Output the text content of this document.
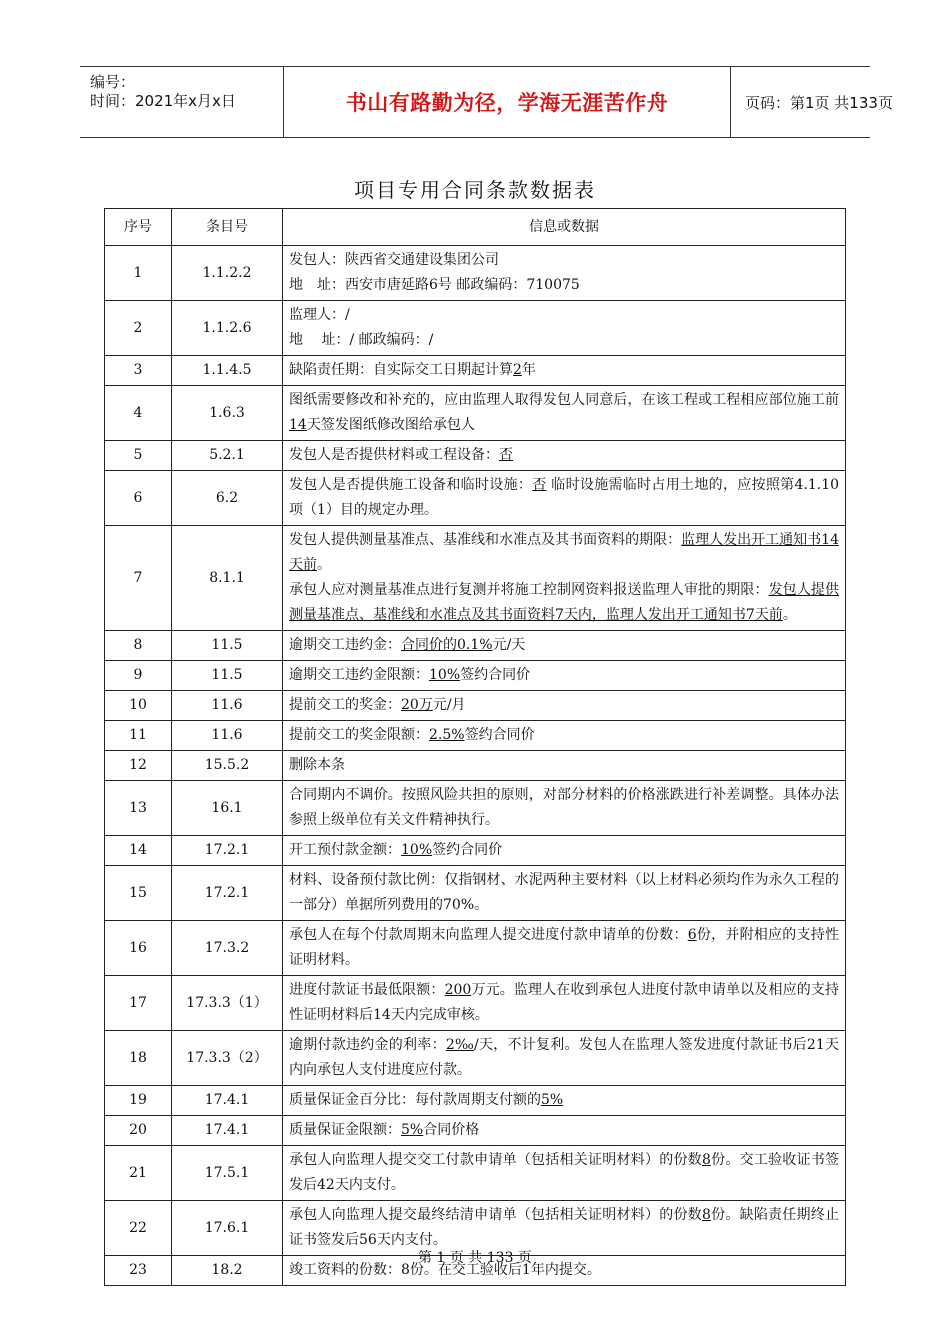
编号：
时间：2021年x月x日	书山有路勤为径，学海无涯苦作舟	页码：第1页 共133页
项目专用合同条款数据表
序号	条目号	信息或数据
1	1.1.2.2	发包人：陕西省交通建设集团公司
地　址：西安市唐延路6号 邮政编码：710075

2	1.1.2.6	监理人：/
地　 址：/ 邮政编码：/

3	1.1.4.5	缺陷责任期：自实际交工日期起计算2年

4	1.6.3	图纸需要修改和补充的，应由监理人取得发包人同意后，在该工程或工程相应部位施工前14天签发图纸修改图给承包人

5	5.2.1	发包人是否提供材料或工程设备：否

6	6.2	发包人是否提供施工设备和临时设施：否 临时设施需临时占用土地的，应按照第4.1.10项（1）目的规定办理。

7	8.1.1	发包人提供测量基准点、基准线和水准点及其书面资料的期限：监理人发出开工通知书14天前。
承包人应对测量基准点进行复测并将施工控制网资料报送监理人审批的期限：发包人提供测量基准点、基准线和水准点及其书面资料7天内，监理人发出开工通知书7天前。

8	11.5	逾期交工违约金：合同价的0.1%元/天

9	11.5	逾期交工违约金限额：10%签约合同价

10	11.6	提前交工的奖金：20万元/月

11	11.6	提前交工的奖金限额：2.5%签约合同价

12	15.5.2	删除本条

13	16.1	合同期内不调价。按照风险共担的原则，对部分材料的价格涨跌进行补差调整。具体办法参照上级单位有关文件精神执行。

14	17.2.1	开工预付款金额：10%签约合同价

15	17.2.1	材料、设备预付款比例：仅指钢材、水泥两种主要材料（以上材料必须均作为永久工程的一部分）单据所列费用的70%。

16	17.3.2	承包人在每个付款周期末向监理人提交进度付款申请单的份数：6份，并附相应的支持性证明材料。

17	17.3.3（1）	进度付款证书最低限额：200万元。监理人在收到承包人进度付款申请单以及相应的支持性证明材料后14天内完成审核。

18	17.3.3（2）	逾期付款违约金的利率：2‰/天，不计复利。发包人在监理人签发进度付款证书后21天内向承包人支付进度应付款。

19	17.4.1	质量保证金百分比：每付款周期支付额的5%

20	17.4.1	质量保证金限额：5%合同价格

21	17.5.1	承包人向监理人提交交工付款申请单（包括相关证明材料）的份数8份。交工验收证书签发后42天内支付。

22	17.6.1	承包人向监理人提交最终结清申请单（包括相关证明材料）的份数8份。缺陷责任期终止证书签发后56天内支付。

23	18.2	竣工资料的份数：8份。在交工验收后1年内提交。
第 1 页 共 133 页
